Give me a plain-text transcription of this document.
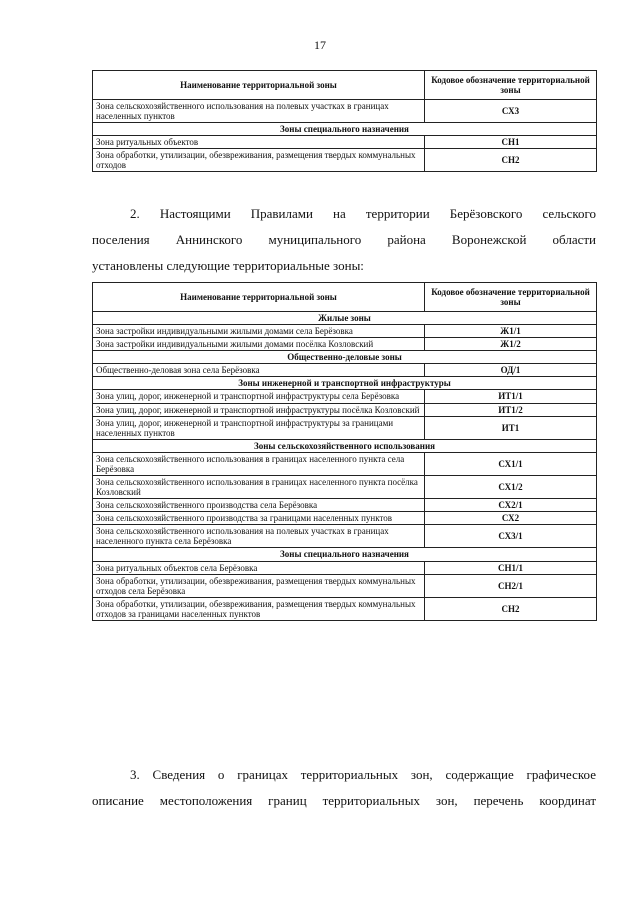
17
Наименование территориальной зоны	Кодовое обозначение территориальной зоны
Зона сельскохозяйственного использования на полевых участках в границах населенных пунктов	СХ3
Зоны специального назначения	
Зона ритуальных объектов	СН1
Зона обработки, утилизации, обезвреживания, размещения твердых коммунальных отходов	СН2
2. Настоящими Правилами на территории Берёзовского сельского
поселения Аннинского муниципального района Воронежской области
установлены следующие территориальные зоны:
Наименование территориальной зоны	Кодовое обозначение территориальной зоны
Жилые зоны	
Зона застройки индивидуальными жилыми домами села Берёзовка	Ж1/1
Зона застройки индивидуальными жилыми домами посёлка Козловский	Ж1/2
Общественно-деловые зоны	
Общественно-деловая зона села Берёзовка	ОД/1
Зоны инженерной и транспортной инфраструктуры	
Зона улиц, дорог, инженерной и транспортной инфраструктуры села Берёзовка	ИТ1/1
Зона улиц, дорог, инженерной и транспортной инфраструктуры посёлка Козловский	ИТ1/2
Зона улиц, дорог, инженерной и транспортной инфраструктуры за границами населенных пунктов	ИТ1
Зоны сельскохозяйственного использования	
Зона сельскохозяйственного использования в границах населенного пункта села Берёзовка	СХ1/1
Зона сельскохозяйственного использования в границах населенного пункта посёлка Козловский	СХ1/2
Зона сельскохозяйственного производства села Берёзовка	СХ2/1
Зона сельскохозяйственного производства за границами населенных пунктов	СХ2
Зона сельскохозяйственного использования на полевых участках в границах населенного пункта села Берёзовка	СХ3/1
Зоны специального назначения	
Зона ритуальных объектов села Берёзовка	СН1/1
Зона обработки, утилизации, обезвреживания, размещения твердых коммунальных отходов села Берёзовка	СН2/1
Зона обработки, утилизации, обезвреживания, размещения твердых коммунальных отходов за границами населенных пунктов	СН2
3. Сведения о границах территориальных зон, содержащие графическое
описание местоположения границ территориальных зон, перечень координат
